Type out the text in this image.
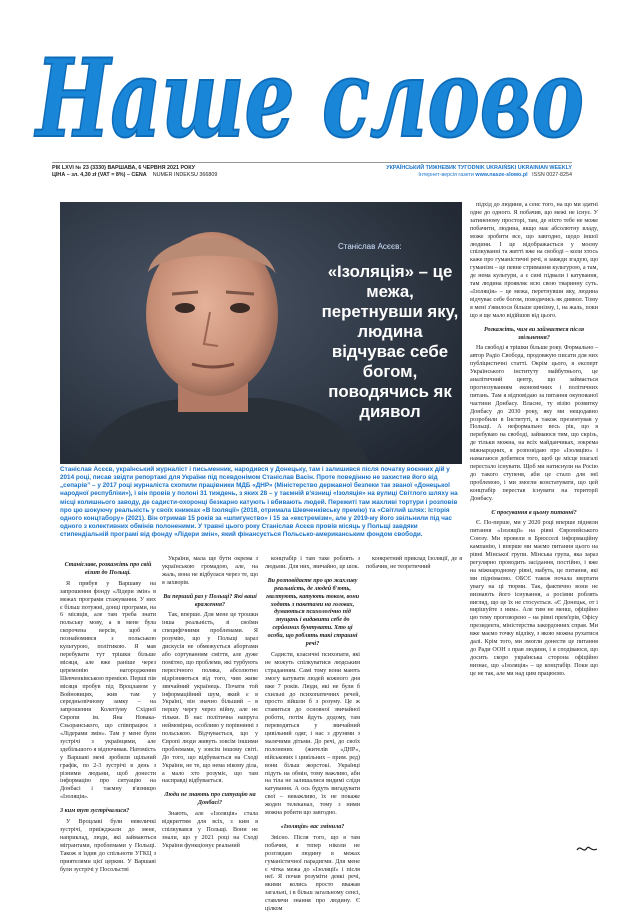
Наше слово
РІК LXVI № 23 (3330) ВАРШАВА, 6 ЧЕРВНЯ 2021 РОКУ
ЦІНА – зл. 4,30 zł (VAT = 8%) – CENA NUMER INDEKSU 366809
УКРАЇНСЬКИЙ ТИЖНЕВИК ТУГODNIK UKRAIŃSKI UKRAINIAN WEEKLY
Інтернет-версія газети www.nasze-slowo.pl ISSN 0027-8254
Станіслав Асєєв:
«Ізоляція» – це межа, перетнувши яку, людина відчуває себе богом, поводячись як диявол
Станіслав Асєєв, український журналіст і письменник, народився у Донецьку, там і залишився після початку воєнних дій у 2014 році, писав звідти репортажі для України під псевдонімом Станіслав Васін. Проте поведінню не захистив його від „сепарів” – у 2017 році журналіста схопили працівники МДБ «ДНР» (Міністерство державної безпеки так званої «Донецької народної республіки»), і він провів у полоні 31 тиждень, з яких 28 – у таємній в'язниці «Ізоляція» на вулиці Світлого шляху на місці колишнього заводу, де садисти-охоронці безкарно катують і вбивають людей. Пережиті там жахливі тортури і розповів про цю шокуючу реальність у своїх книжках «В Ізоляції» (2018, отримала Шевченківську премію) та «Світлий шлях: Історія одного концтабору» (2021). Він отримав 15 років за «шпигунство» і 15 за «екстремізм», але у 2019-му його звільнили під час одного з колективних обмінів полоненими. У травні цього року Станіслав Асєєв провів місяць у Польщі завдяки стипендіальній програмі від фонду «Лідери змін», який фінансується Польсько-американським фондом свободи.

підхід до людини, а сенс того, на що ми здатні одне до одного. Я побачив, що межі не існує. У затиненому просторі, там, де ніхто тебе не може побачити, людина, якщо має абсолютну владу, може зробити все, що завгодно, щодо іншої людини. І це відображається у моєму спілкуванні та житті вже на свободі – коли хтось каже про гуманістичні речі, я завжди згадую, що гуманізм – це певне стримання культурою, а там, де нема культури, а є сині підвали і катування, там людина проявляє всю свою тваринну суть. «Ізоляція» – це межа, перетнувши яку, людина відчуває себе богом, поводячись як диявол. Тому я мені з'явилося більше цинізму, і, на жаль, поки що я ще мало відійшов від цього.

Розкажіть, чим ви займаєтеся після звільнення?

На свободі я трішки більше року. Формально – автор Радіо Свобода, продовжую писати для них публіцистичні статті. Окрім цього, я експерт Українського інституту майбутнього, це аналітичний центр, що займається прогнозуванням економічних і політичних питань. Там я відповідаю за питання окупованої частини Донбасу. Власне, ту візію розвитку Донбасу до 2030 року, яку ми нещодавно розробили в Інституті, я також презентував у Польщі. А неформально весь рік, що я перебуваю на свободі, займаюся тим, що скрізь, де тільки можна, на всіх майданчиках, зокрема міжнародних, я розповідаю про «Ізоляцію» і намагаюся добитися того, щоб це місце взагалі перестало існувати. Щоб ми натиснули на Росію до такого ступеня, аби це стало для неї проблемою, і ми змогли констатувати, що цей концтабір перестав існувати на території Донбасу.

Є просування в цьому питанні?

Є. По-перше, ми у 2020 році вперше підняли питання «Ізоляції» на рівні Європейського Союзу. Ми провели в Брюсселі інформаційну кампанію, і вперше ми маємо питання цього на рівні Мінської групи. Мінська група, яка зараз регулярно проводить засідання, постійно, і вже на міжнародному рівні, мабуть, це питання, які ми піднімаємо. ОБСЄ також почала звертати увагу на ці тюрми. Так, фактично вони не визнають його існування, а росіяни роблять вигляд, що це їх не стосується. «Є Донецьк, от і вирішуйте з ним». Але тим не менш, офіційно цю тему проговорено – на рівні прем'єрів, Офісу президента, міністерства закордонних справ. Ми вже маємо точку відліку, з якою можна рухатися далі. Крім того, ми змогли донести це питання до Ради ООН з прав людини, і я сподіваюся, що досить скоро українська сторона офіційно визнає, що «Ізоляція» – це концтабір. Поки що це не так, але ми над цим працюємо.

Станіславе, розкажіть про свій візит до Польщі.

Я прибув у Варшаву на запрошення фонду «Лідери змін» в межах програми стажування. У них є більш потужні, донці програми, на 6 місяців, але там треба знати польську мову, а в мене була скорочена версія, щоб я познайомився з польською культурою, політикою. Я мав перебувати тут трішки більше місяця, але вже раніше через церемонію нагородження Шевченківською премією. Перші пів місяця пробув під Вроцлавом у Войновицях, жив там у середньовічному замку – на запрошення Колегіуму Східної Європи ім. Яна Новака-Єзьоранського, що співпрацює з «Лідерами змін». Там у мене були зустрічі з українцями, але здебільшого я відпочивав. Натомість у Варшаві мені зробили щільний графік, по 2-3 зустрічі в день з різними людьми, щоб донести інформацію про ситуацію на Донбасі і таємну в'язницю «Ізоляція».

З ким тут зустрічалися?

У Вроцлаві були невеличкі зустрічі, приїжджали до мене, наприклад, люди, які займаються мігрантами, проблемами у Польщі. Також я їздив до спільноти УГКЦ з приятелями цієї церкви. У Варшаві були зустрічі у Посольстві

України, мала ще бути окрема з українською громадою, але, на жаль, вона не відбулася через те, що я захворів.

Ви перший раз у Польщі? Які ваші враження?

Так, вперше. Для мене це трошки інша реальність, зі своїми специфічними проблемами. Я розумію, що у Польщі зараз дискусія не обмежується абортами або сортуванням сміття, але дуже помітно, що проблеми, які турбують пересічного поляка, абсолютно відрізняються від того, чим живе звичайний українець. Почати той інформаційний шум, який є в Україні, він значно більший – в першу чергу через війну, але не тільки. В нас політична напруга неймовірна, особливо у порівнянні з польською. Відчувається, що у Європі люди живуть зовсім іншими проблемами, у зовсім іншому світі. До того, що відбувається на Сході України, не те, що нема нікому діла, а мало хто розуміє, що там насправді відбувається.

Люди не знають про ситуацію на Донбасі?

Знають, але «Ізоляція» стала відкриттям для всіх, з ким я спілкувався у Польщі. Вони не знали, що у 2021 році на Сході України функціонує реальний

концтабір і там таке роблять з людьми. Для них, звичайно, це шок.

Ви розповідаєте про цю жахливу реальність, де людей б'ють, гвалтують, катують током, вони ходять з пакетами на головах, думаються психологічно під знущань і видавити себе до серйозних бунтувати. Хто ці особи, що роблять такі страшні речі?

Садисти, класичні психопати, які не можуть спілкуватися людським страданням. Самі тому вони мають змогу катувати людей кожного дня вже 7 років. Люди, які не були б схильні до психопатичних речей, просто зійшли б з розуму. Це ж ставиться до основної звичайної роботи, потім йдуть додому, там переводяться у звичайний цивільний одяг, і нас з друзями з малечими дітьми. До речі, до своїх полонених (жителів «ДНР», військових і цивільних – прим. ред) вони більш жорстокі. Українці підуть на обмін, тому важливо, аби на тіла не залишалися видимі сліди катування. А ось будуть вигадувати свої – неважливо, їх не покаже жоден телеканал, тому з ними можна робити що завгодно.

«Ізоляція» вас змінила?

Звісно. Після того, що я там побачив, я тепер ніколи не розглядаю людину в межах гуманістичної парадигми. Для мене є чітка межа до «Ізоляції» і після неї. Я почав розуміти деякі речі, якими колись просто вважав загальні, і в більш загальному сенсі, ставлячи знання про людину. Є цілком

конкретний приклад Ізоляції, де я побачив, не теоретичний
